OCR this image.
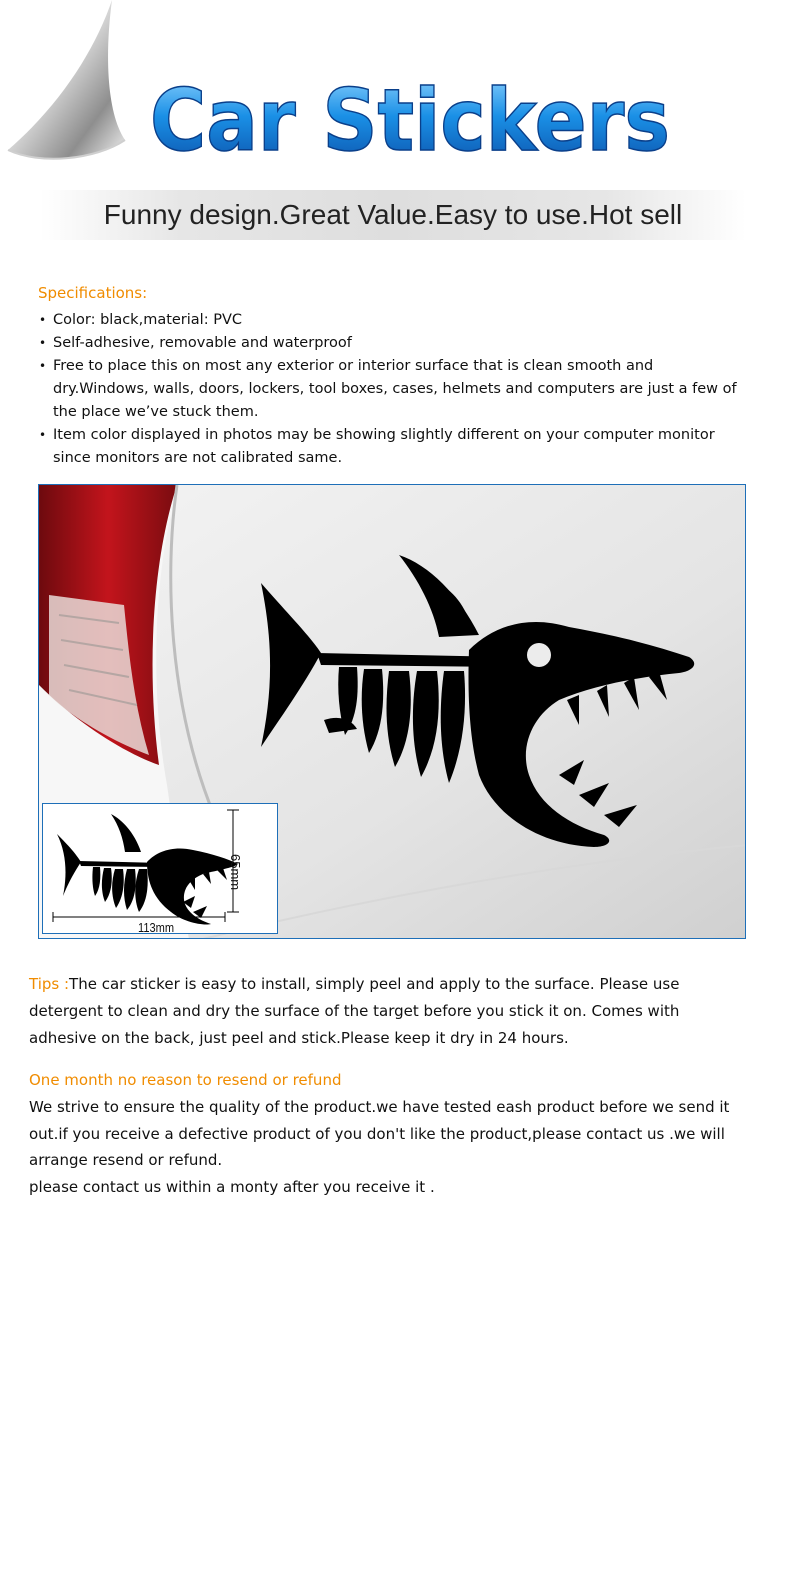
Car Stickers
Funny design.Great Value.Easy to use.Hot sell
Specifications:
• Color: black,material: PVC
• Self-adhesive, removable and waterproof
• Free to place this on most any exterior or interior surface that is clean smooth and dry.Windows, walls, doors, lockers, tool boxes, cases, helmets and computers are just a few of the place we’ve stuck them.
• Item color displayed in photos may be showing slightly different on your computer monitor since monitors are not calibrated same.
113mm
65mm
Tips :The car sticker is easy to install, simply peel and apply to the surface. Please use detergent to clean and dry the surface of the target before you stick it on. Comes with adhesive on the back, just peel and stick.Please keep it dry in 24 hours.
One month no reason to resend or refund
We strive to ensure the quality of the product.we have tested eash product before we send it out.if you receive a defective product of you don't like the product,please contact us .we will arrange resend or refund.
please contact us within a monty after you receive it .
